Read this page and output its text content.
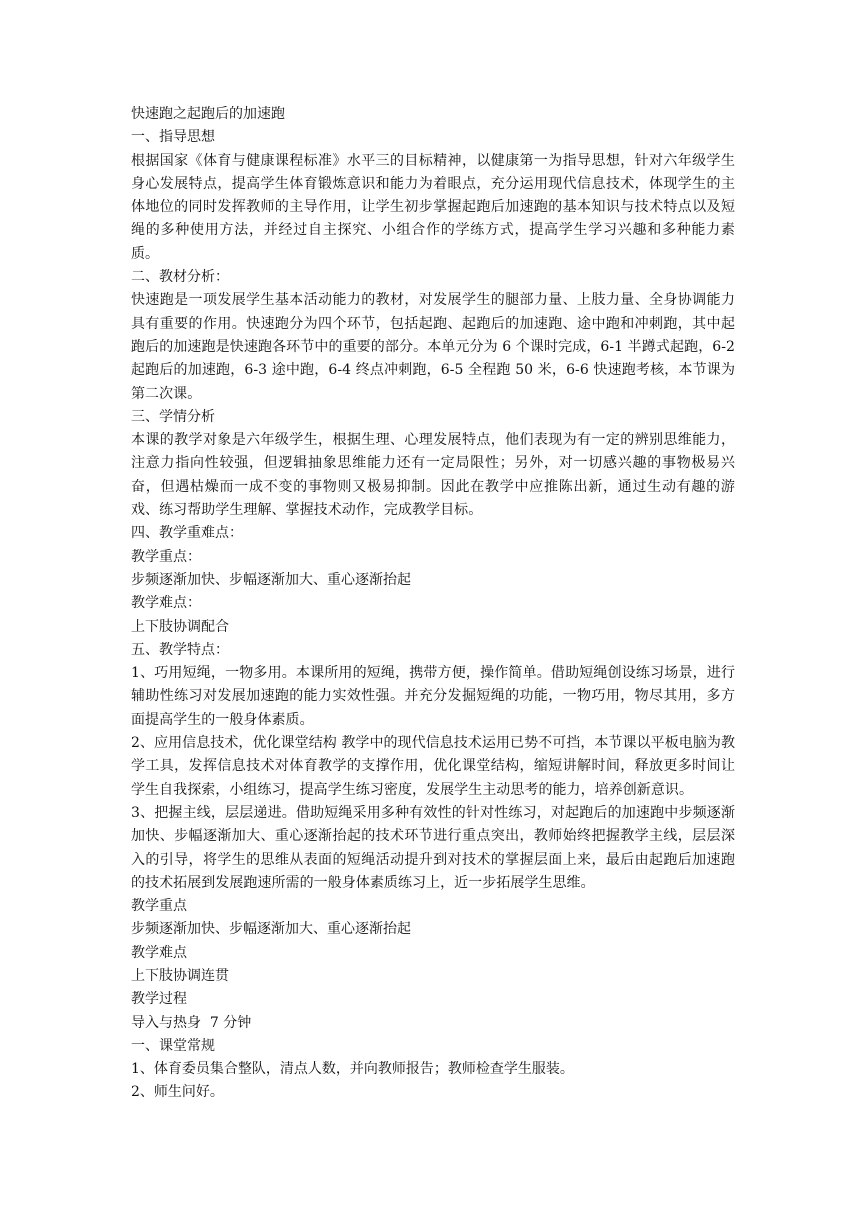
快速跑之起跑后的加速跑

一、指导思想

根据国家《体育与健康课程标准》水平三的目标精神，以健康第一为指导思想，针对六年级学生身心发展特点，提高学生体育锻炼意识和能力为着眼点，充分运用现代信息技术，体现学生的主体地位的同时发挥教师的主导作用，让学生初步掌握起跑后加速跑的基本知识与技术特点以及短绳的多种使用方法，并经过自主探究、小组合作的学练方式，提高学生学习兴趣和多种能力素质。

二、教材分析：

快速跑是一项发展学生基本活动能力的教材，对发展学生的腿部力量、上肢力量、全身协调能力具有重要的作用。快速跑分为四个环节，包括起跑、起跑后的加速跑、途中跑和冲刺跑，其中起跑后的加速跑是快速跑各环节中的重要的部分。本单元分为 6 个课时完成，6-1 半蹲式起跑，6-2 起跑后的加速跑，6-3 途中跑，6-4 终点冲刺跑，6-5 全程跑 50 米，6-6 快速跑考核，本节课为第二次课。

三、学情分析

本课的教学对象是六年级学生，根据生理、心理发展特点，他们表现为有一定的辨别思维能力，注意力指向性较强，但逻辑抽象思维能力还有一定局限性；另外，对一切感兴趣的事物极易兴奋，但遇枯燥而一成不变的事物则又极易抑制。因此在教学中应推陈出新，通过生动有趣的游戏、练习帮助学生理解、掌握技术动作，完成教学目标。

四、教学重难点：

教学重点：

步频逐渐加快、步幅逐渐加大、重心逐渐抬起

教学难点：

上下肢协调配合

五、教学特点：

1、巧用短绳，一物多用。本课所用的短绳，携带方便，操作简单。借助短绳创设练习场景，进行辅助性练习对发展加速跑的能力实效性强。并充分发掘短绳的功能，一物巧用，物尽其用，多方面提高学生的一般身体素质。

2、应用信息技术，优化课堂结构 教学中的现代信息技术运用已势不可挡，本节课以平板电脑为教学工具，发挥信息技术对体育教学的支撑作用，优化课堂结构，缩短讲解时间，释放更多时间让学生自我探索，小组练习，提高学生练习密度，发展学生主动思考的能力，培养创新意识。

3、把握主线，层层递进。借助短绳采用多种有效性的针对性练习，对起跑后的加速跑中步频逐渐加快、步幅逐渐加大、重心逐渐抬起的技术环节进行重点突出，教师始终把握教学主线，层层深入的引导，将学生的思维从表面的短绳活动提升到对技术的掌握层面上来，最后由起跑后加速跑的技术拓展到发展跑速所需的一般身体素质练习上，近一步拓展学生思维。

教学重点

步频逐渐加快、步幅逐渐加大、重心逐渐抬起

教学难点

上下肢协调连贯

教学过程

导入与热身  7 分钟

一、课堂常规

1、体育委员集合整队，清点人数，并向教师报告；教师检查学生服装。

2、师生问好。
